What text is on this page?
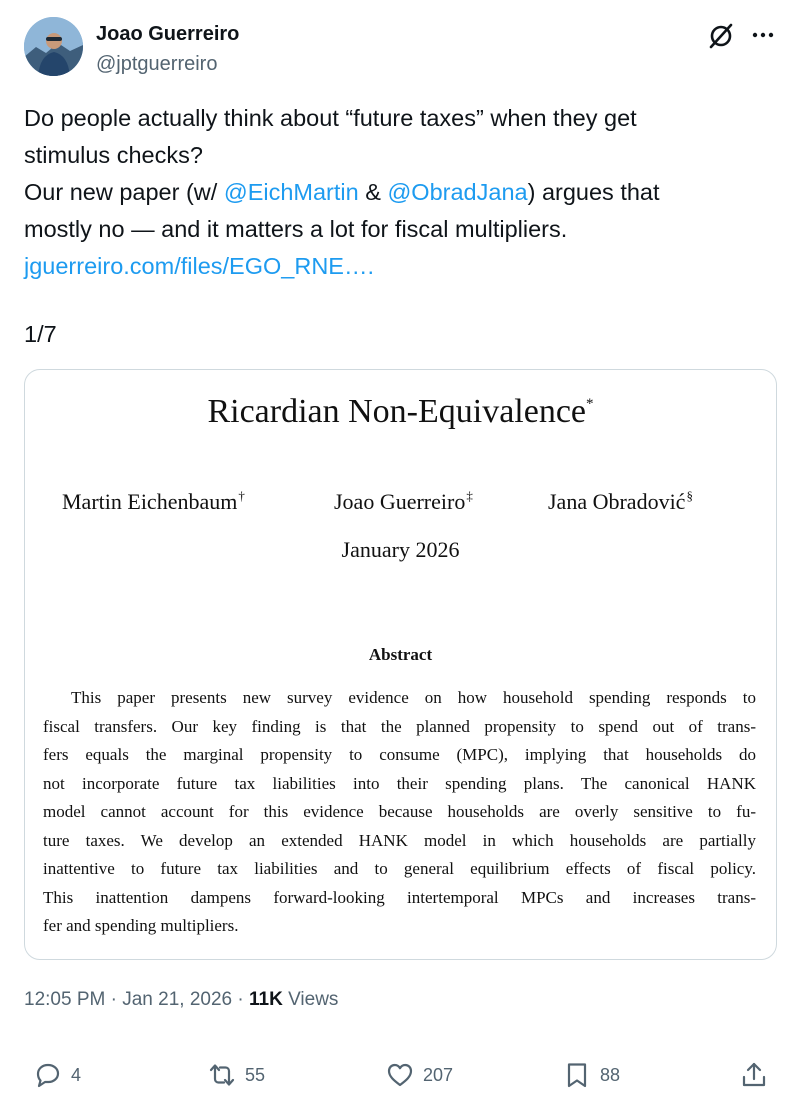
Joao Guerreiro
@jptguerreiro
Do people actually think about “future taxes” when they get
stimulus checks?
Our new paper (w/ @EichMartin & @ObradJana) argues that
mostly no — and it matters a lot for fiscal multipliers.
jguerreiro.com/files/EGO_RNE….
1/7
Ricardian Non-Equivalence*
Martin Eichenbaum†	Joao Guerreiro‡	Jana Obradović§
January 2026
Abstract
This paper presents new survey evidence on how household spending responds to
fiscal transfers. Our key finding is that the planned propensity to spend out of trans-
fers equals the marginal propensity to consume (MPC), implying that households do
not incorporate future tax liabilities into their spending plans. The canonical HANK
model cannot account for this evidence because households are overly sensitive to fu-
ture taxes. We develop an extended HANK model in which households are partially
inattentive to future tax liabilities and to general equilibrium effects of fiscal policy.
This inattention dampens forward-looking intertemporal MPCs and increases trans-
fer and spending multipliers.
12:05 PM · Jan 21, 2026 · 11K Views
4	55	207	88
